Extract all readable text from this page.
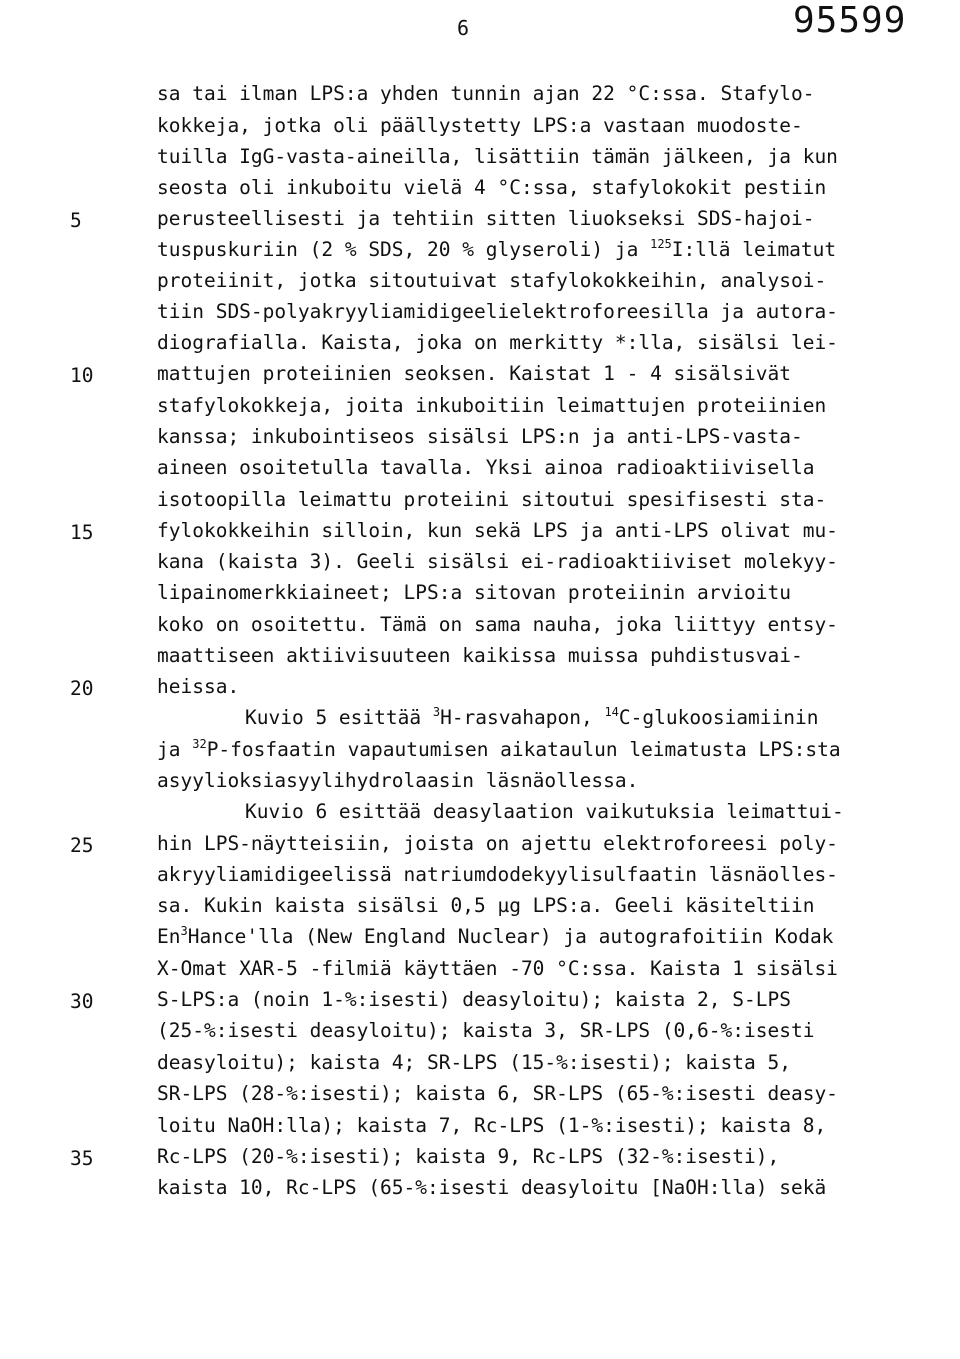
6	95599
5
10
15
20
25
30
35
sa tai ilman LPS:a yhden tunnin ajan 22 °C:ssa. Stafylo-
kokkeja, jotka oli päällystetty LPS:a vastaan muodoste-
tuilla IgG-vasta-aineilla, lisättiin tämän jälkeen, ja kun
seosta oli inkuboitu vielä 4 °C:ssa, stafylokokit pestiin
perusteellisesti ja tehtiin sitten liuokseksi SDS-hajoi-
tuspuskuriin (2 % SDS, 20 % glyseroli) ja $^{125}$I:llä leimatut
proteiinit, jotka sitoutuivat stafylokokkeihin, analysoi-
tiin SDS-polyakryyliamidigeelielektroforeesilla ja autora-
diografialla. Kaista, joka on merkitty *:lla, sisälsi lei-
mattujen proteiinien seoksen. Kaistat 1 - 4 sisälsivät
stafylokokkeja, joita inkuboitiin leimattujen proteiinien
kanssa; inkubointiseos sisälsi LPS:n ja anti-LPS-vasta-
aineen osoitetulla tavalla. Yksi ainoa radioaktiivisella
isotoopilla leimattu proteiini sitoutui spesifisesti sta-
fylokokkeihin silloin, kun sekä LPS ja anti-LPS olivat mu-
kana (kaista 3). Geeli sisälsi ei-radioaktiiviset molekyy-
lipainomerkkiaineet; LPS:a sitovan proteiinin arvioitu
koko on osoitettu. Tämä on sama nauha, joka liittyy entsy-
maattiseen aktiivisuuteen kaikissa muissa puhdistusvai-
heissa.
Kuvio 5 esittää $^3$H-rasvahapon, $^{14}$C-glukoosiamiinin
ja $^{32}$P-fosfaatin vapautumisen aikataulun leimatusta LPS:sta
asyylioksiasyylihydrolaasin läsnäollessa.
Kuvio 6 esittää deasylaation vaikutuksia leimattui-
hin LPS-näytteisiin, joista on ajettu elektroforeesi poly-
akryyliamidigeelissä natriumdodekyylisulfaatin läsnäolles-
sa. Kukin kaista sisälsi 0,5 µg LPS:a. Geeli käsiteltiin
En$^3$Hance'lla (New England Nuclear) ja autografoitiin Kodak
X-Omat XAR-5 -filmiä käyttäen -70 °C:ssa. Kaista 1 sisälsi
S-LPS:a (noin 1-%:isesti) deasyloitu); kaista 2, S-LPS
(25-%:isesti deasyloitu); kaista 3, SR-LPS (0,6-%:isesti
deasyloitu); kaista 4; SR-LPS (15-%:isesti); kaista 5,
SR-LPS (28-%:isesti); kaista 6, SR-LPS (65-%:isesti deasy-
loitu NaOH:lla); kaista 7, Rc-LPS (1-%:isesti); kaista 8,
Rc-LPS (20-%:isesti); kaista 9, Rc-LPS (32-%:isesti),
kaista 10, Rc-LPS (65-%:isesti deasyloitu [NaOH:lla) sekä
